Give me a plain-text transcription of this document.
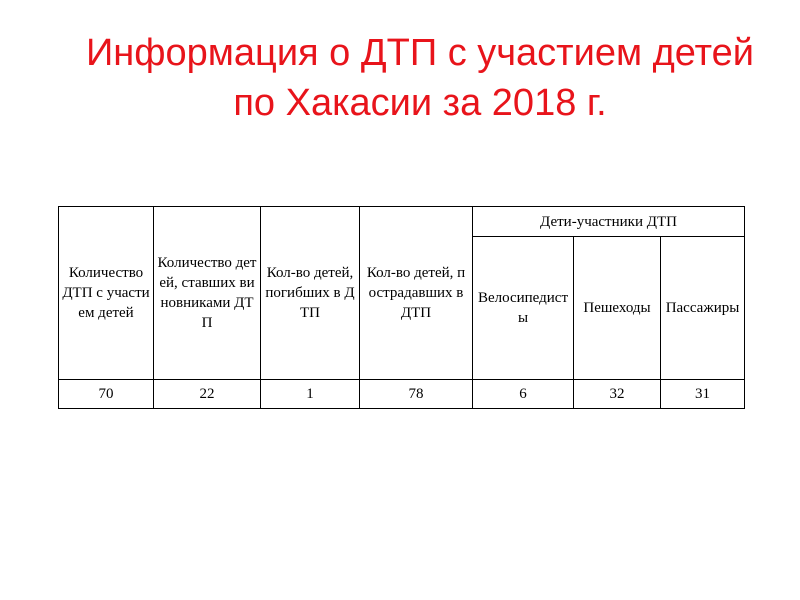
Информация о ДТП с участием детей
по Хакасии за 2018 г.
Количество ДТП с участием детей	Количество детей, ставших виновниками ДТП	Кол-во детей, погибших в ДТП	Кол-во детей, пострадавших в ДТП	Дети-участники ДТП		
				Велосипедисты	Пешеходы	Пассажиры
70	22	1	78	6	32	31
